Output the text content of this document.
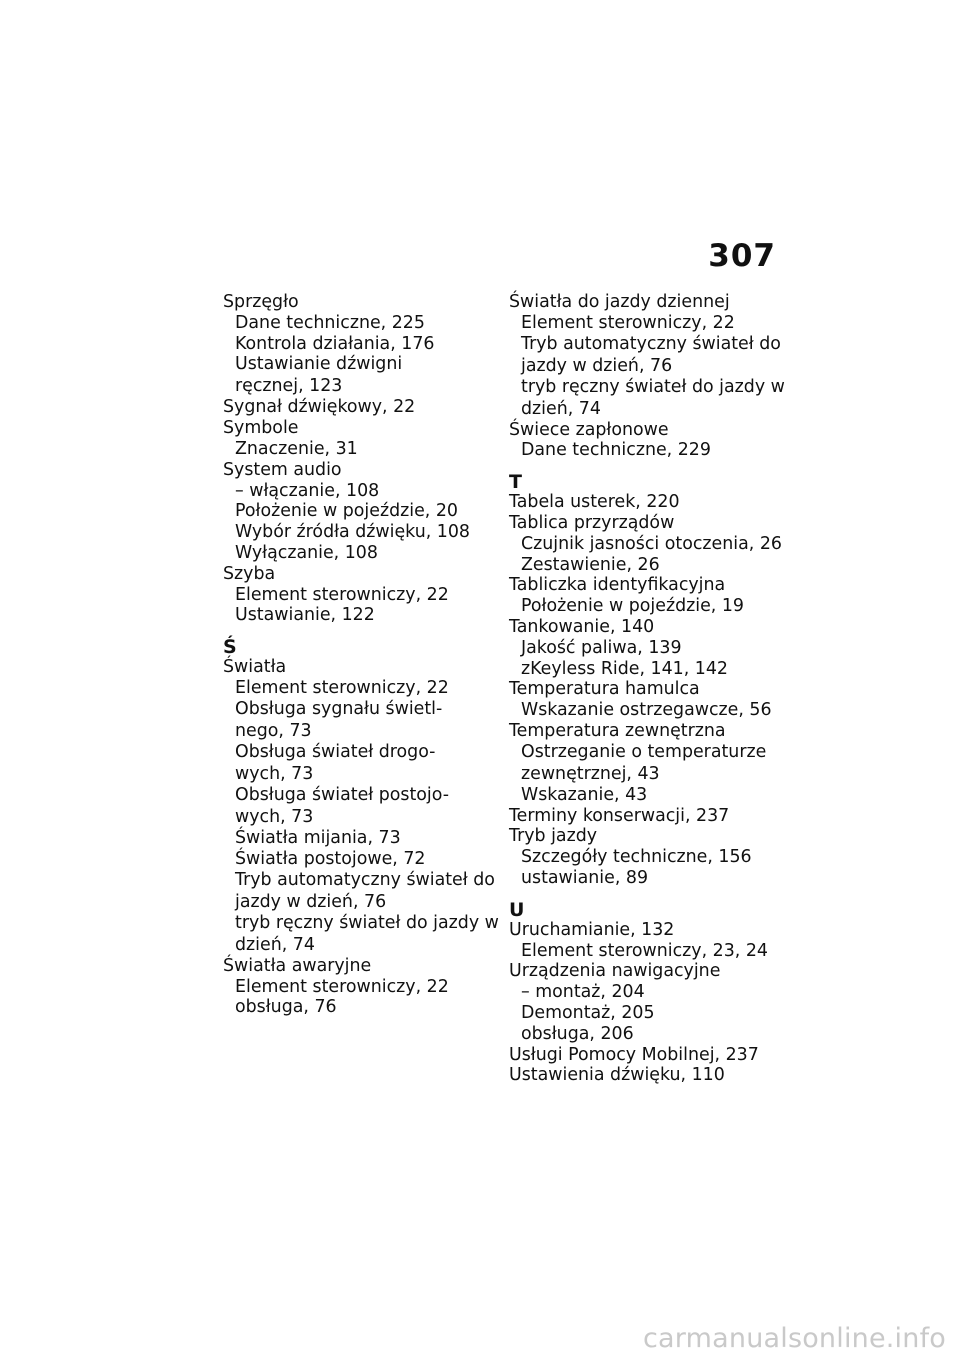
307
Sprzęgło
Dane techniczne, 225
Kontrola działania, 176
Ustawianie dźwigni
ręcznej, 123
Sygnał dźwiękowy, 22
Symbole
Znaczenie, 31
System audio
– włączanie, 108
Położenie w pojeździe, 20
Wybór źródła dźwięku, 108
Wyłączanie, 108
Szyba
Element sterowniczy, 22
Ustawianie, 122
Ś
Światła
Element sterowniczy, 22
Obsługa sygnału świetl-
nego, 73
Obsługa świateł drogo-
wych, 73
Obsługa świateł postojo-
wych, 73
Światła mijania, 73
Światła postojowe, 72
Tryb automatyczny świateł do
jazdy w dzień, 76
tryb ręczny świateł do jazdy w
dzień, 74
Światła awaryjne
Element sterowniczy, 22
obsługa, 76
Światła do jazdy dziennej
Element sterowniczy, 22
Tryb automatyczny świateł do
jazdy w dzień, 76
tryb ręczny świateł do jazdy w
dzień, 74
Świece zapłonowe
Dane techniczne, 229
T
Tabela usterek, 220
Tablica przyrządów
Czujnik jasności otoczenia, 26
Zestawienie, 26
Tabliczka identyfikacyjna
Położenie w pojeździe, 19
Tankowanie, 140
Jakość paliwa, 139
zKeyless Ride, 141, 142
Temperatura hamulca
Wskazanie ostrzegawcze, 56
Temperatura zewnętrzna
Ostrzeganie o temperaturze
zewnętrznej, 43
Wskazanie, 43
Terminy konserwacji, 237
Tryb jazdy
Szczegóły techniczne, 156
ustawianie, 89
U
Uruchamianie, 132
Element sterowniczy, 23, 24
Urządzenia nawigacyjne
– montaż, 204
Demontaż, 205
obsługa, 206
Usługi Pomocy Mobilnej, 237
Ustawienia dźwięku, 110
carmanualsonline.info
